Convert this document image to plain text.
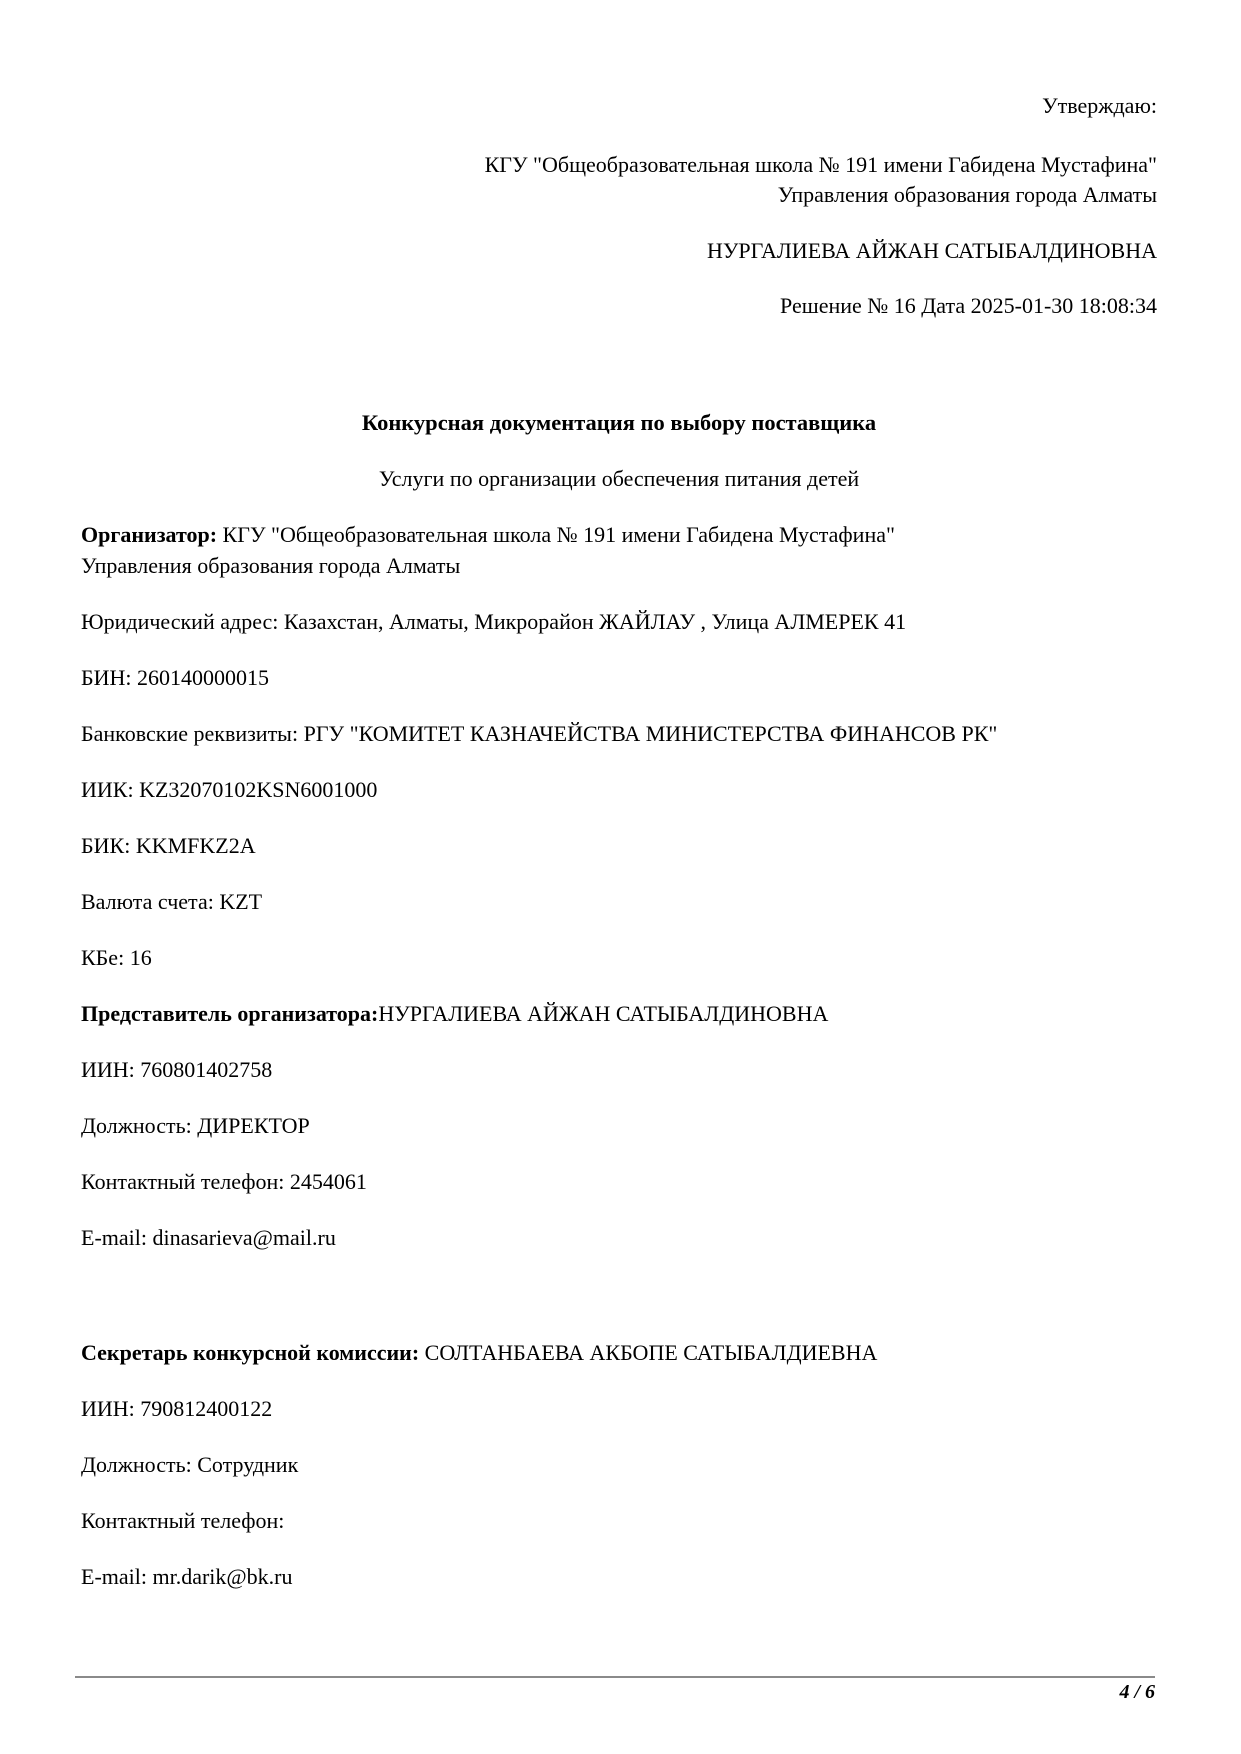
Утверждаю:

КГУ "Общеобразовательная школа № 191 имени Габидена Мустафина"
Управления образования города Алматы

НУРГАЛИЕВА АЙЖАН САТЫБАЛДИНОВНА

Решение № 16 Дата 2025-01-30 18:08:34

Конкурсная документация по выбору поставщика

Услуги по организации обеспечения питания детей

Организатор: КГУ "Общеобразовательная школа № 191 имени Габидена Мустафина" Управления образования города Алматы

Юридический адрес: Казахстан, Алматы, Микрорайон ЖАЙЛАУ , Улица АЛМЕРЕК 41

БИН: 260140000015

Банковские реквизиты: РГУ "КОМИТЕТ КАЗНАЧЕЙСТВА МИНИСТЕРСТВА ФИНАНСОВ РК"

ИИК: KZ32070102KSN6001000

БИК: KKMFKZ2A

Валюта счета: KZT

КБе: 16

Представитель организатора:НУРГАЛИЕВА АЙЖАН САТЫБАЛДИНОВНА

ИИН: 760801402758

Должность: ДИРЕКТОР

Контактный телефон: 2454061

E-mail: dinasarieva@mail.ru

Секретарь конкурсной комиссии: СОЛТАНБАЕВА АКБОПЕ САТЫБАЛДИЕВНА

ИИН: 790812400122

Должность: Сотрудник

Контактный телефон:

E-mail: mr.darik@bk.ru

4 / 6
